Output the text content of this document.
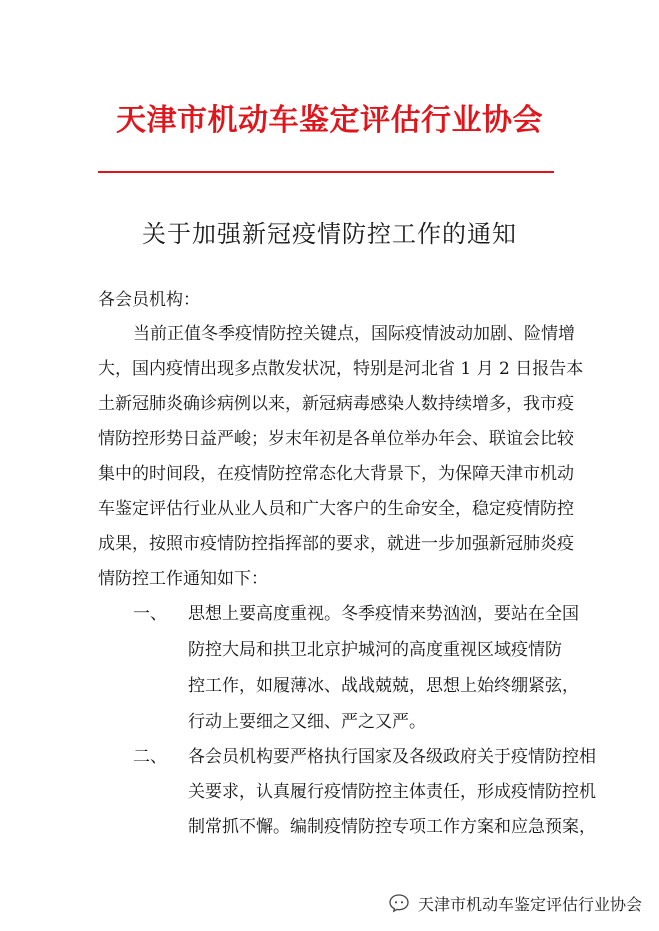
天津市机动车鉴定评估行业协会
关于加强新冠疫情防控工作的通知
各会员机构：
当前正值冬季疫情防控关键点，国际疫情波动加剧、险情增
大，国内疫情出现多点散发状况，特别是河北省 1 月 2 日报告本
土新冠肺炎确诊病例以来，新冠病毒感染人数持续增多，我市疫
情防控形势日益严峻；岁末年初是各单位举办年会、联谊会比较
集中的时间段，在疫情防控常态化大背景下，为保障天津市机动
车鉴定评估行业从业人员和广大客户的生命安全，稳定疫情防控
成果，按照市疫情防控指挥部的要求，就进一步加强新冠肺炎疫
情防控工作通知如下：
一、 思想上要高度重视。冬季疫情来势汹汹，要站在全国
防控大局和拱卫北京护城河的高度重视区域疫情防
控工作，如履薄冰、战战兢兢，思想上始终绷紧弦，
行动上要细之又细、严之又严。
二、 各会员机构要严格执行国家及各级政府关于疫情防控相
关要求，认真履行疫情防控主体责任，形成疫情防控机
制常抓不懈。编制疫情防控专项工作方案和应急预案，
天津市机动车鉴定评估行业协会
